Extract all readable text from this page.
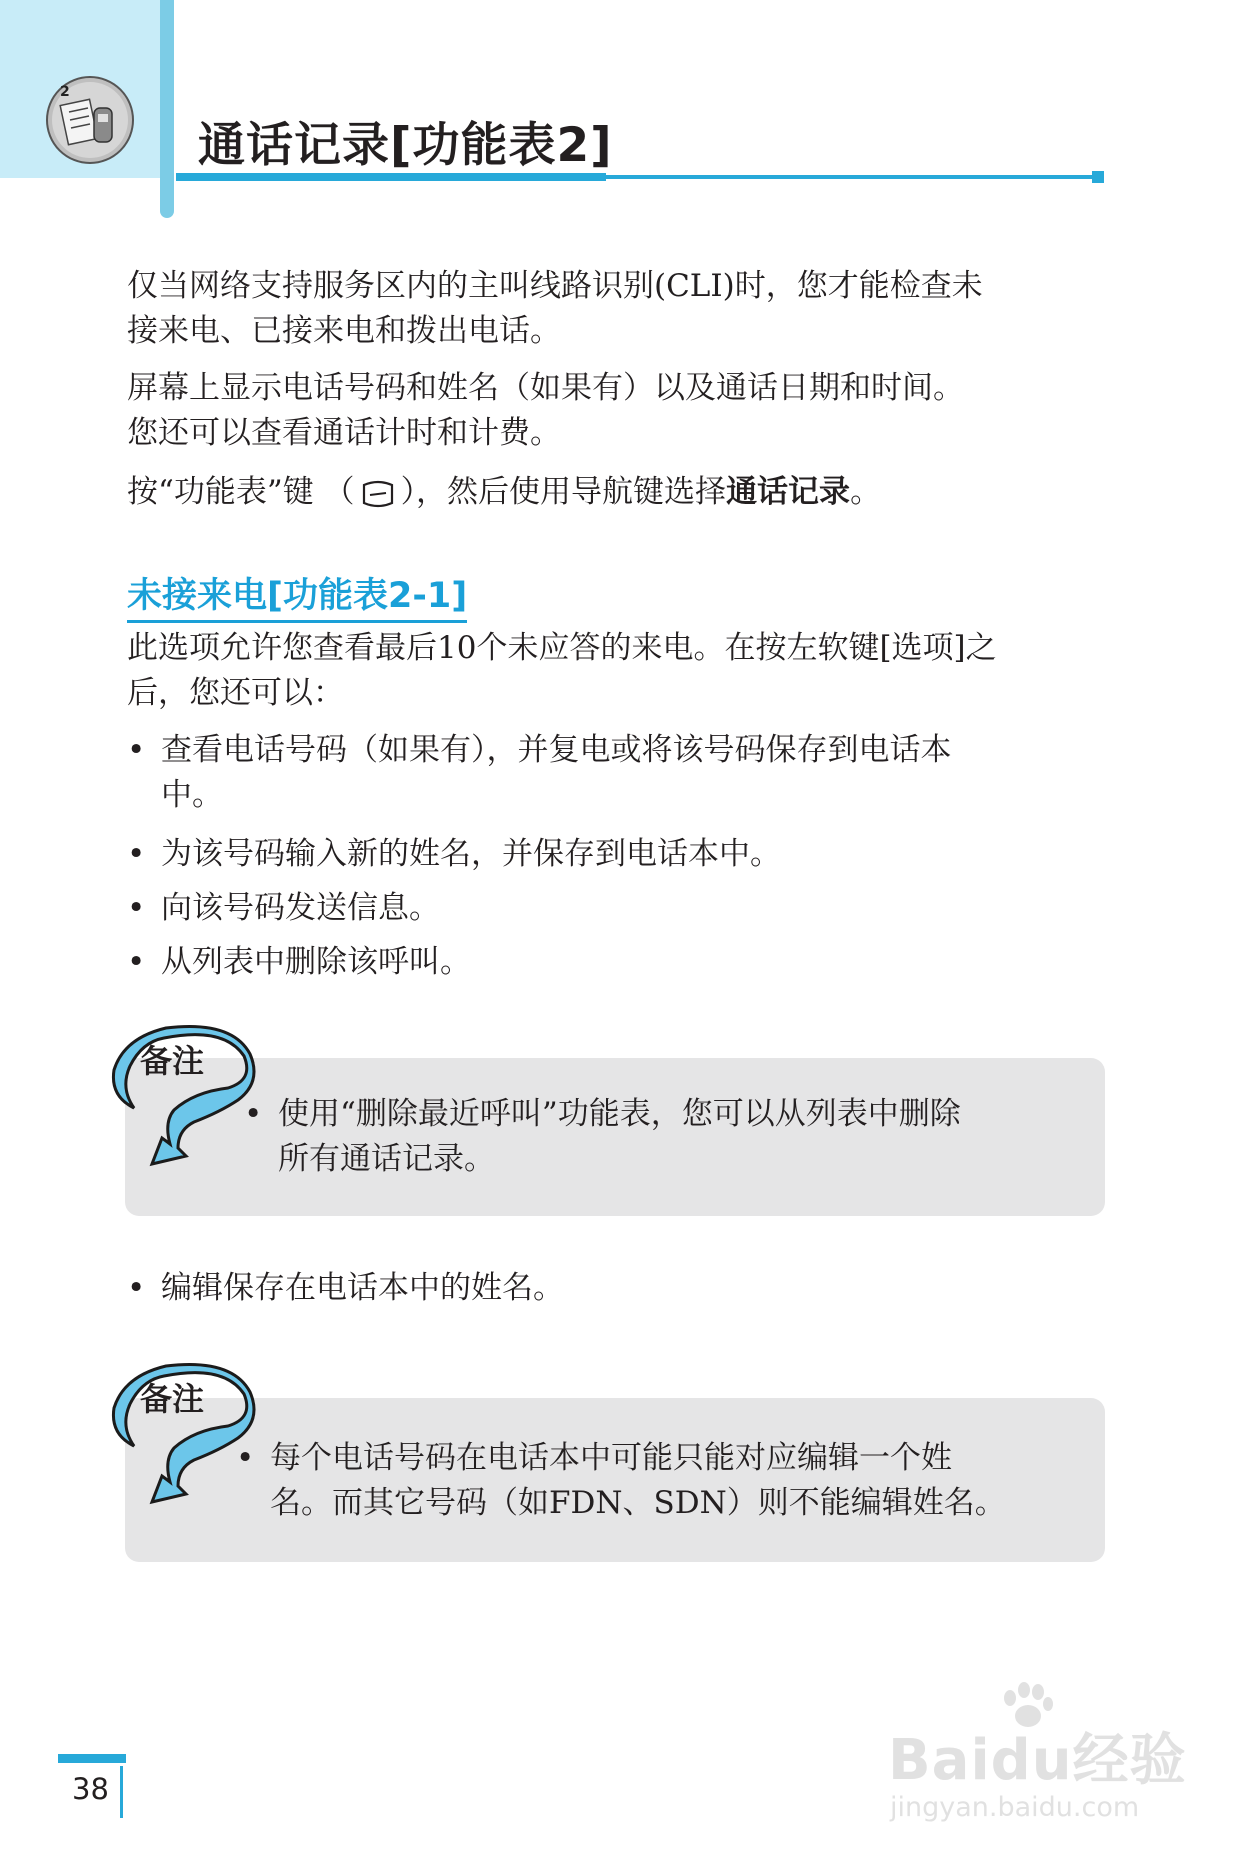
2
通话记录[功能表2]

仅当网络支持服务区内的主叫线路识别(CLI)时，您才能检查未
接来电、已接来电和拨出电话。

屏幕上显示电话号码和姓名（如果有）以及通话日期和时间。
您还可以查看通话计时和计费。

按“功能表”键 （ ），然后使用导航键选择通话记录。

未接来电[功能表2-1]

此选项允许您查看最后10个未应答的来电。在按左软键[选项]之
后，您还可以：

• 查看电话号码（如果有），并复电或将该号码保存到电话本
中。

• 为该号码输入新的姓名，并保存到电话本中。

• 向该号码发送信息。

• 从列表中删除该呼叫。

备注

• 使用“删除最近呼叫”功能表，您可以从列表中删除
所有通话记录。

• 编辑保存在电话本中的姓名。

备注

• 每个电话号码在电话本中可能只能对应编辑一个姓
名。而其它号码（如FDN、SDN）则不能编辑姓名。

38	Baidu经验
jingyan.baidu.com
